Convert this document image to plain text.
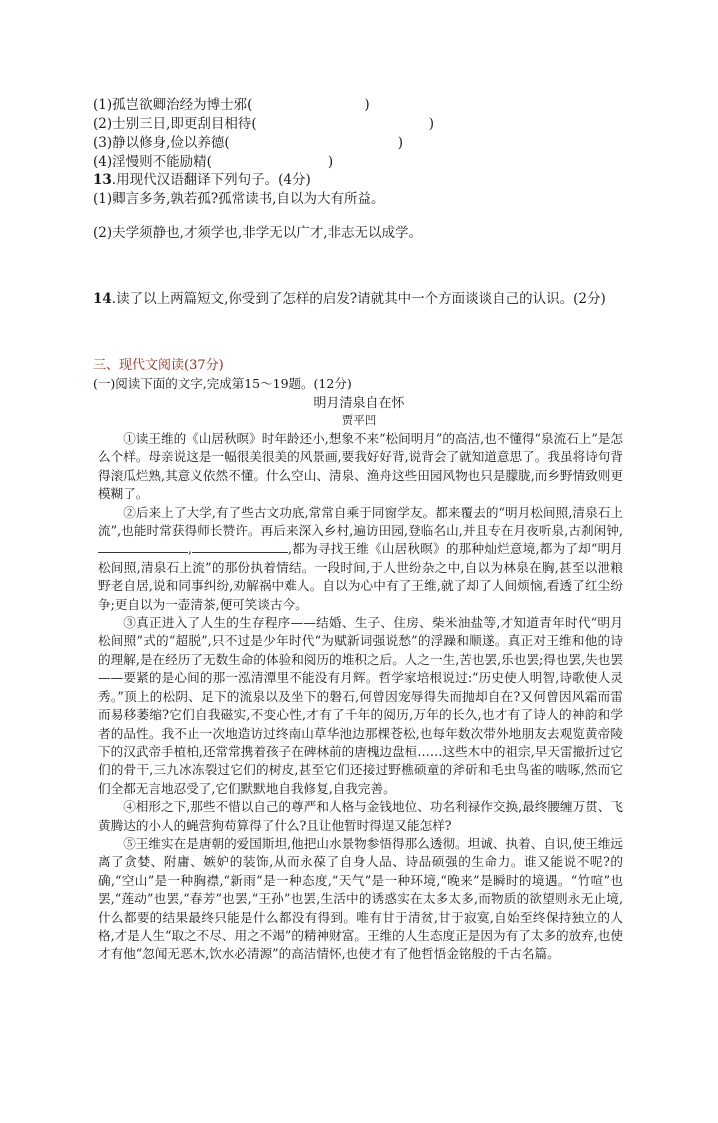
(1)孤岂欲卿治经为博士邪(	)
(2)士别三日,即更刮目相待(	)
(3)静以修身,俭以养德(	)
(4)淫慢则不能励精(	)
13.用现代汉语翻译下列句子。(4分)
(1)卿言多务,孰若孤?孤常读书,自以为大有所益。
(2)夫学须静也,才须学也,非学无以广才,非志无以成学。
14.读了以上两篇短文,你受到了怎样的启发?请就其中一个方面谈谈自己的认识。(2分)
三、现代文阅读(37分)
(一)阅读下面的文字,完成第15～19题。(12分)
明月清泉自在怀
贾平凹

①读王维的《山居秋暝》时年龄还小,想象不来“松间明月”的高洁,也不懂得“泉流石上”是怎么个样。母亲说这是一幅很美很美的风景画,要我好好背,说背会了就知道意思了。我虽将诗句背得滚瓜烂熟,其意义依然不懂。什么空山、清泉、渔舟这些田园风物也只是朦胧,而乡野情致则更模糊了。

②后来上了大学,有了些古文功底,常常自乘于同窗学友。都来覆去的“明月松间照,清泉石上流”,也能时常获得师长赞许。再后来深入乡村,遍访田园,登临名山,并且专在月夜听泉,古刹闲钟,,	,都为寻找王维《山居秋暝》的那种灿烂意境,都为了却“明月松间照,清泉石上流”的那份执着情结。一段时间,于人世纷杂之中,自以为林泉在胸,甚至以泄粮野老自居,说和同事纠纷,劝解祸中难人。自以为心中有了王维,就了却了人间烦恼,看透了红尘纷争;更自以为一壶清茶,便可笑谈古今。

③真正进入了人生的生存程序——结婚、生子、住房、柴米油盐等,才知道青年时代“明月松间照”式的“超脱”,只不过是少年时代“为赋新词强说愁”的浮躁和顺遂。真正对王维和他的诗的理解,是在经历了无数生命的体验和阅历的堆积之后。人之一生,苦也罢,乐也罢;得也罢,失也罢——要紧的是心间的那一泓清潭里不能没有月辉。哲学家培根说过:“历史使人明智,诗歌使人灵秀。”顶上的松阴、足下的流泉以及坐下的磐石,何曾因宠辱得失而抛却自在?又何曾因风霜而雷而易移萎缩?它们自我磁实,不变心性,才有了千年的阅历,万年的长久,也才有了诗人的神韵和学者的品性。我不止一次地造访过终南山草华池边那棵苍松,也每年数次带外地朋友去观览黄帝陵下的汉武帝手植柏,还常常携着孩子在碑林前的唐槐边盘桓……这些木中的祖宗,早天雷撤折过它们的骨干,三九冰冻裂过它们的树皮,甚至它们还接过野樵硕童的斧斫和毛虫鸟雀的啮啄,然而它们全都无言地忍受了,它们默默地自我修复,自我完善。

④相形之下,那些不惜以自己的尊严和人格与金钱地位、功名利禄作交换,最终腰缠万贯、飞黄腾达的小人的蝇营狗苟算得了什么?且让他暂时得逞又能怎样?

⑤王维实在是唐朝的爱国斯坦,他把山水景物参悟得那么透彻。坦诚、执着、自识,使王维远离了贪婪、附庸、嫉妒的装饰,从而永葆了自身人品、诗品硕强的生命力。谁又能说不呢?的确,“空山”是一种胸襟,“新雨”是一种态度,“天气”是一种环境,“晚来”是瞬时的境遇。“竹喧”也罢,“莲动”也罢,“春芳”也罢,“王孙”也罢,生活中的诱惑实在太多太多,而物质的欲望则永无止境,什么都要的结果最终只能是什么都没有得到。唯有甘于清贫,甘于寂寞,自始至终保持独立的人格,才是人生“取之不尽、用之不竭”的精神财富。王维的人生态度正是因为有了太多的放弃,也使才有他“忽闻无恶木,饮水必清源”的高洁情怀,也使才有了他哲悟金铭般的千古名篇。
